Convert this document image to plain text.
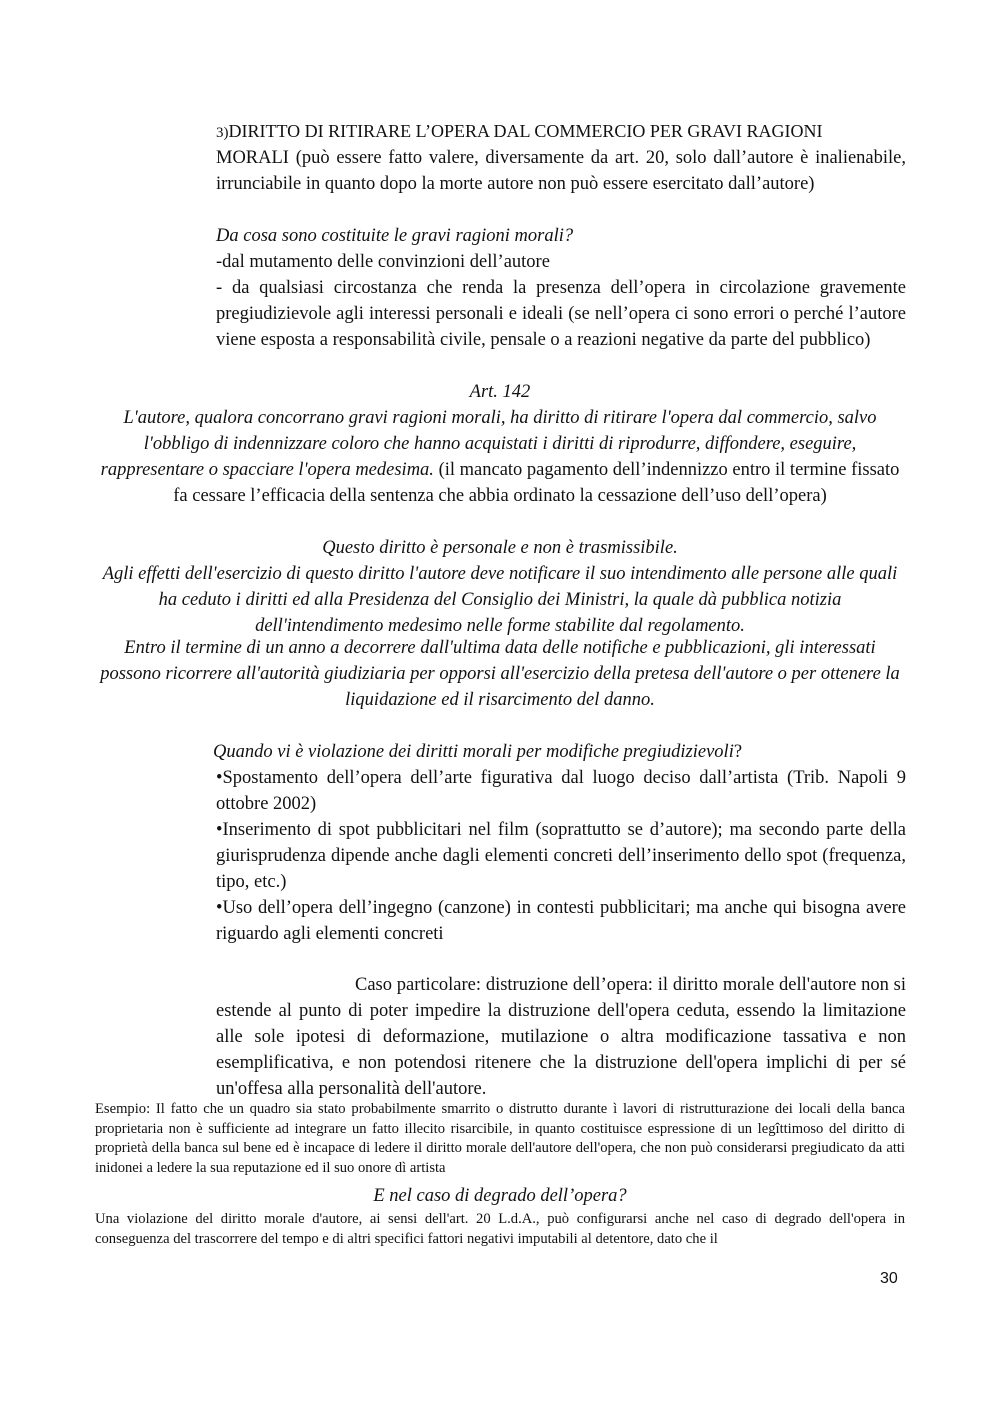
3)DIRITTO DI RITIRARE L’OPERA DAL COMMERCIO PER GRAVI RAGIONI
MORALI (può essere fatto valere, diversamente da art. 20, solo dall’autore è inalienabile, irrunciabile in quanto dopo la morte autore non può essere esercitato dall’autore)
Da cosa sono costituite le gravi ragioni morali?
-dal mutamento delle convinzioni dell’autore
- da qualsiasi circostanza che renda la presenza dell’opera in circolazione gravemente pregiudizievole agli interessi personali e ideali (se nell’opera ci sono errori o perché l’autore viene esposta a responsabilità civile, pensale o a reazioni negative da parte del pubblico)
Art. 142
L'autore, qualora concorrano gravi ragioni morali, ha diritto di ritirare l'opera dal commercio, salvo l'obbligo di indennizzare coloro che hanno acquistati i diritti di riprodurre, diffondere, eseguire, rappresentare o spacciare l'opera medesima. (il mancato pagamento dell’indennizzo entro il termine fissato fa cessare l’efficacia della sentenza che abbia ordinato la cessazione dell’uso dell’opera)
Questo diritto è personale e non è trasmissibile.
Agli effetti dell'esercizio di questo diritto l'autore deve notificare il suo intendimento alle persone alle quali ha ceduto i diritti ed alla Presidenza del Consiglio dei Ministri, la quale dà pubblica notizia dell'intendimento medesimo nelle forme stabilite dal regolamento.
Entro il termine di un anno a decorrere dall'ultima data delle notifiche e pubblicazioni, gli interessati possono ricorrere all'autorità giudiziaria per opporsi all'esercizio della pretesa dell'autore o per ottenere la liquidazione ed il risarcimento del danno.
Quando vi è violazione dei diritti morali per modifiche pregiudizievoli?
•Spostamento dell’opera dell’arte figurativa dal luogo deciso dall’artista (Trib. Napoli 9 ottobre 2002)
•Inserimento di spot pubblicitari nel film (soprattutto se d’autore); ma secondo parte della giurisprudenza dipende anche dagli elementi concreti dell’inserimento dello spot (frequenza, tipo, etc.)
•Uso dell’opera dell’ingegno (canzone) in contesti pubblicitari; ma anche qui bisogna avere riguardo agli elementi concreti
Caso particolare: distruzione dell’opera: il diritto morale dell'autore non si estende al punto di poter impedire la distruzione dell'opera ceduta, essendo la limitazione alle sole ipotesi di deformazione, mutilazione o altra modificazione tassativa e non esemplificativa, e non potendosi ritenere che la distruzione dell'opera implichi di per sé un'offesa alla personalità dell'autore.
Esempio: Il fatto che un quadro sia stato probabilmente smarrito o distrutto durante ì lavori di ristrutturazione dei locali della banca proprietaria non è sufficiente ad integrare un fatto illecito risarcibile, in quanto costituisce espressione di un legîttimoso del diritto di proprietà della banca sul bene ed è incapace di ledere il diritto morale dell'autore dell'opera, che non può considerarsi pregiudicato da atti inidonei a ledere la sua reputazione ed il suo onore dì artista
E nel caso di degrado dell’opera?
Una violazione del diritto morale d'autore, ai sensi dell'art. 20 L.d.A., può configurarsi anche nel caso di degrado dell'opera in conseguenza del trascorrere del tempo e di altri specifici fattori negativi imputabili al detentore, dato che il
30
